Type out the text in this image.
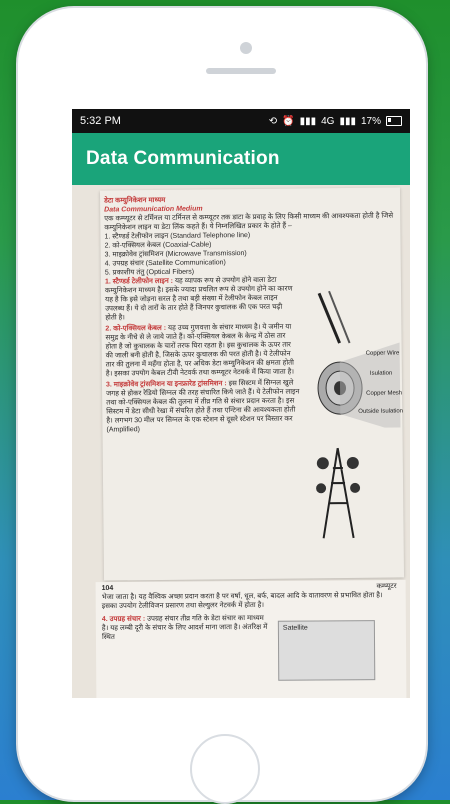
5:32 PM	⟲ ⏰ ▮▮▮ 4G ▮▮▮ 17%
Data Communication
डेटा कम्युनिकेशन माध्यम
Data Communication Medium
एक कम्प्यूटर से टर्मिनल या टर्मिनल से कम्प्यूटर तक डाटा के प्रवाह के लिए किसी माध्यम की आवश्यकता होती है जिसे कम्युनिकेशन लाइन या डेटा लिंक कहते हैं। ये निम्नलिखित प्रकार के होते हैं –
1. स्टैण्डर्ड टेलीफोन लाइन (Standard Telephone line)
2. को-एक्सियल केबल (Coaxial-Cable)
3. माइक्रोवेव ट्रांसमिशन (Microwave Transmission)
4. उपग्रह संचार (Satellite Communication)
5. प्रकाशीय तंतु (Optical Fibers)
1. स्टैण्डर्ड टेलीफोन लाइन : यह व्यापक रूप से उपयोग होने वाला डेटा कम्युनिकेशन माध्यम है। इसके ज्यादा प्रचलित रूप से उपयोग होने का कारण यह है कि इसे जोड़ना सरल है तथा बड़ी संख्या में टेलीफोन केबल लाइन उपलब्ध हैं। ये दो तारों के तार होते हैं जिनपर कुचालक की एक परत चढ़ी होती है।
2. को-एक्सियल केबल : यह उच्च गुणवत्ता के संचार माध्यम है। ये जमीन या समुद्र के नीचे से ले जाये जाते हैं। को-एक्सियल केबल के केन्द्र में ठोस तार होता है जो कुचालक के चारों तरफ घिरा रहता है। इस कुचालक के ऊपर तार की जाली बनी होती है, जिसके ऊपर कुचालक की परत होती है। ये टेलीफोन तार की तुलना में महँगा होता है, पर अधिक डेटा कम्युनिकेशन की क्षमता होती है। इसका उपयोग केबल टीवी नेटवर्क तथा कम्प्यूटर नेटवर्क में किया जाता है।
3. माइक्रोवेव ट्रांसमिशन या इनफ्रारेड ट्रांसमिशन : इस सिस्टम में सिग्नल खुले जगह से होकर रेडियो सिग्नल की तरह संचारित किये जाते हैं। ये टेलीफोन लाइन तथा को-एक्सियल केबल की तुलना में तीव्र गति से संचार प्रदान करता है। इस सिस्टम में डेटा सीधी रेखा में संचरित होते हैं तथा एन्टिना की आवश्यकता होती है। लगभग 30 मील पर सिग्नल के एक स्टेशन से दूसरे स्टेशन पर विस्तार कर (Amplified)
Copper Wire
Isulation
Copper Mesh
Outside Isulation
104	कम्प्यूटर
भेजा जाता है। यह वैश्विक अच्छा प्रदान करता है पर वर्षा, धूल, बर्फ, बादल आदि के वातावरण से प्रभावित होता है। इसका उपयोग टेलीविजन प्रसारण तथा सेल्युलर नेटवर्क में होता है।
4. उपग्रह संचार : उपग्रह संचार तीव्र गति के डेटा संचार का माध्यम है। यह लम्बी दूरी के संचार के लिए आदर्श माना जाता है। अंतरिक्ष में स्थित
Satellite
